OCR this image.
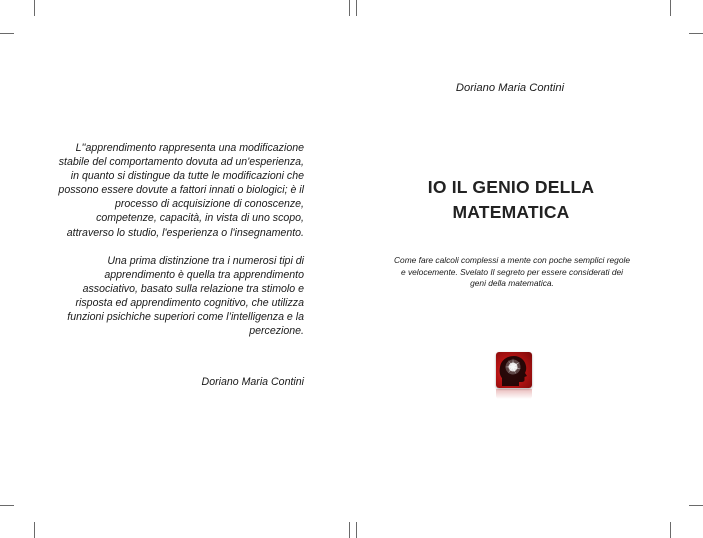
L''apprendimento rappresenta una modificazione stabile del comportamento dovuta ad un'esperienza, in quanto si distingue da tutte le modificazioni che possono essere dovute a fattori innati o biologici; è il processo di acquisizione di conoscenze, competenze, capacità, in vista di uno scopo, attraverso lo studio, l'esperienza o l'insegnamento.

Una prima distinzione tra i numerosi tipi di apprendimento è quella tra apprendimento associativo, basato sulla relazione tra stimolo e risposta ed apprendimento cognitivo, che utilizza funzioni psichiche superiori come l’intelligenza e la percezione.

Doriano Maria Contini
Doriano Maria Contini
IO IL GENIO DELLA
MATEMATICA
Come fare calcoli complessi a mente con poche semplici regole e velocemente. Svelato Il segreto per essere considerati dei geni della matematica.
